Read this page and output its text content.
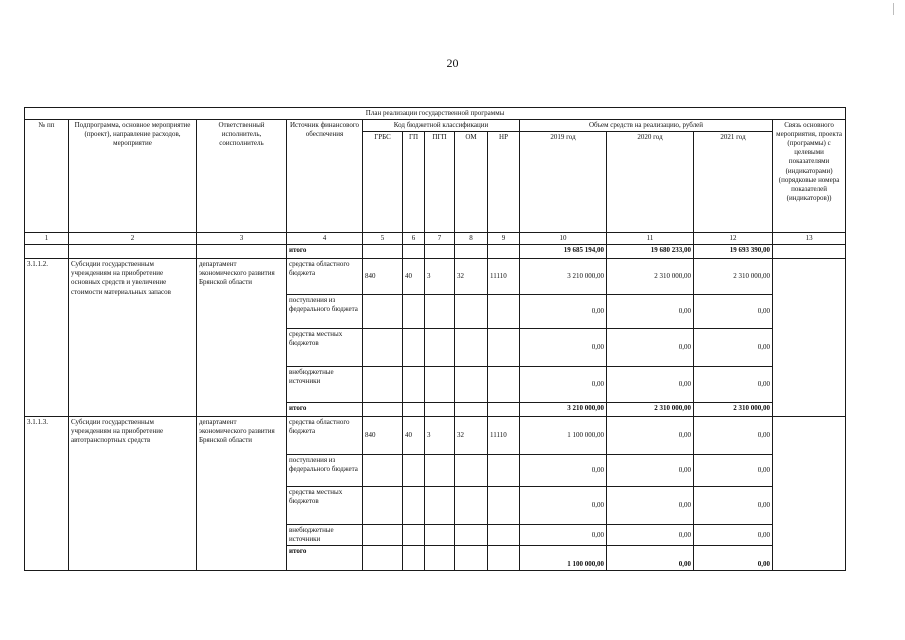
20
План реализации государственной программы												
№ пп	Подпрограмма, основное мероприятие (проект), направление расходов, мероприятие	Ответственный исполнитель, соисполнитель	Источник финансового обеспечения	Код бюджетной классификации					Объем средств на реализацию, рублей			Связь основного мероприятия, проекта (программы) с целевыми показателями (индикаторами) (порядковые номера показателей (индикаторов))
				ГРБС	ГП	ПГП	ОМ	НР	2019 год	2020 год	2021 год	
1	2	3	4	5	6	7	8	9	10	11	12	13
			итого						19 685 194,00	19 680 233,00	19 693 390,00	
3.1.1.2.	Субсидии государственным учреждениям на приобретение основных средств и увеличение стоимости материальных запасов	департамент экономического развития Брянской области	средства областного бюджета	840	40	3	32	11110	3 210 000,00	2 310 000,00	2 310 000,00	
			поступления из федерального бюджета						0,00	0,00	0,00	
			средства местных бюджетов						0,00	0,00	0,00	
			внебюджетные источники						0,00	0,00	0,00	
			итого						3 210 000,00	2 310 000,00	2 310 000,00	
3.1.1.3.	Субсидии государственным учреждениям на приобретение автотранспортных средств	департамент экономического развития Брянской области	средства областного бюджета	840	40	3	32	11110	1 100 000,00	0,00	0,00	
			поступления из федерального бюджета						0,00	0,00	0,00	
			средства местных бюджетов						0,00	0,00	0,00	
			внебюджетные источники						0,00	0,00	0,00	
			итого						1 100 000,00	0,00	0,00	
